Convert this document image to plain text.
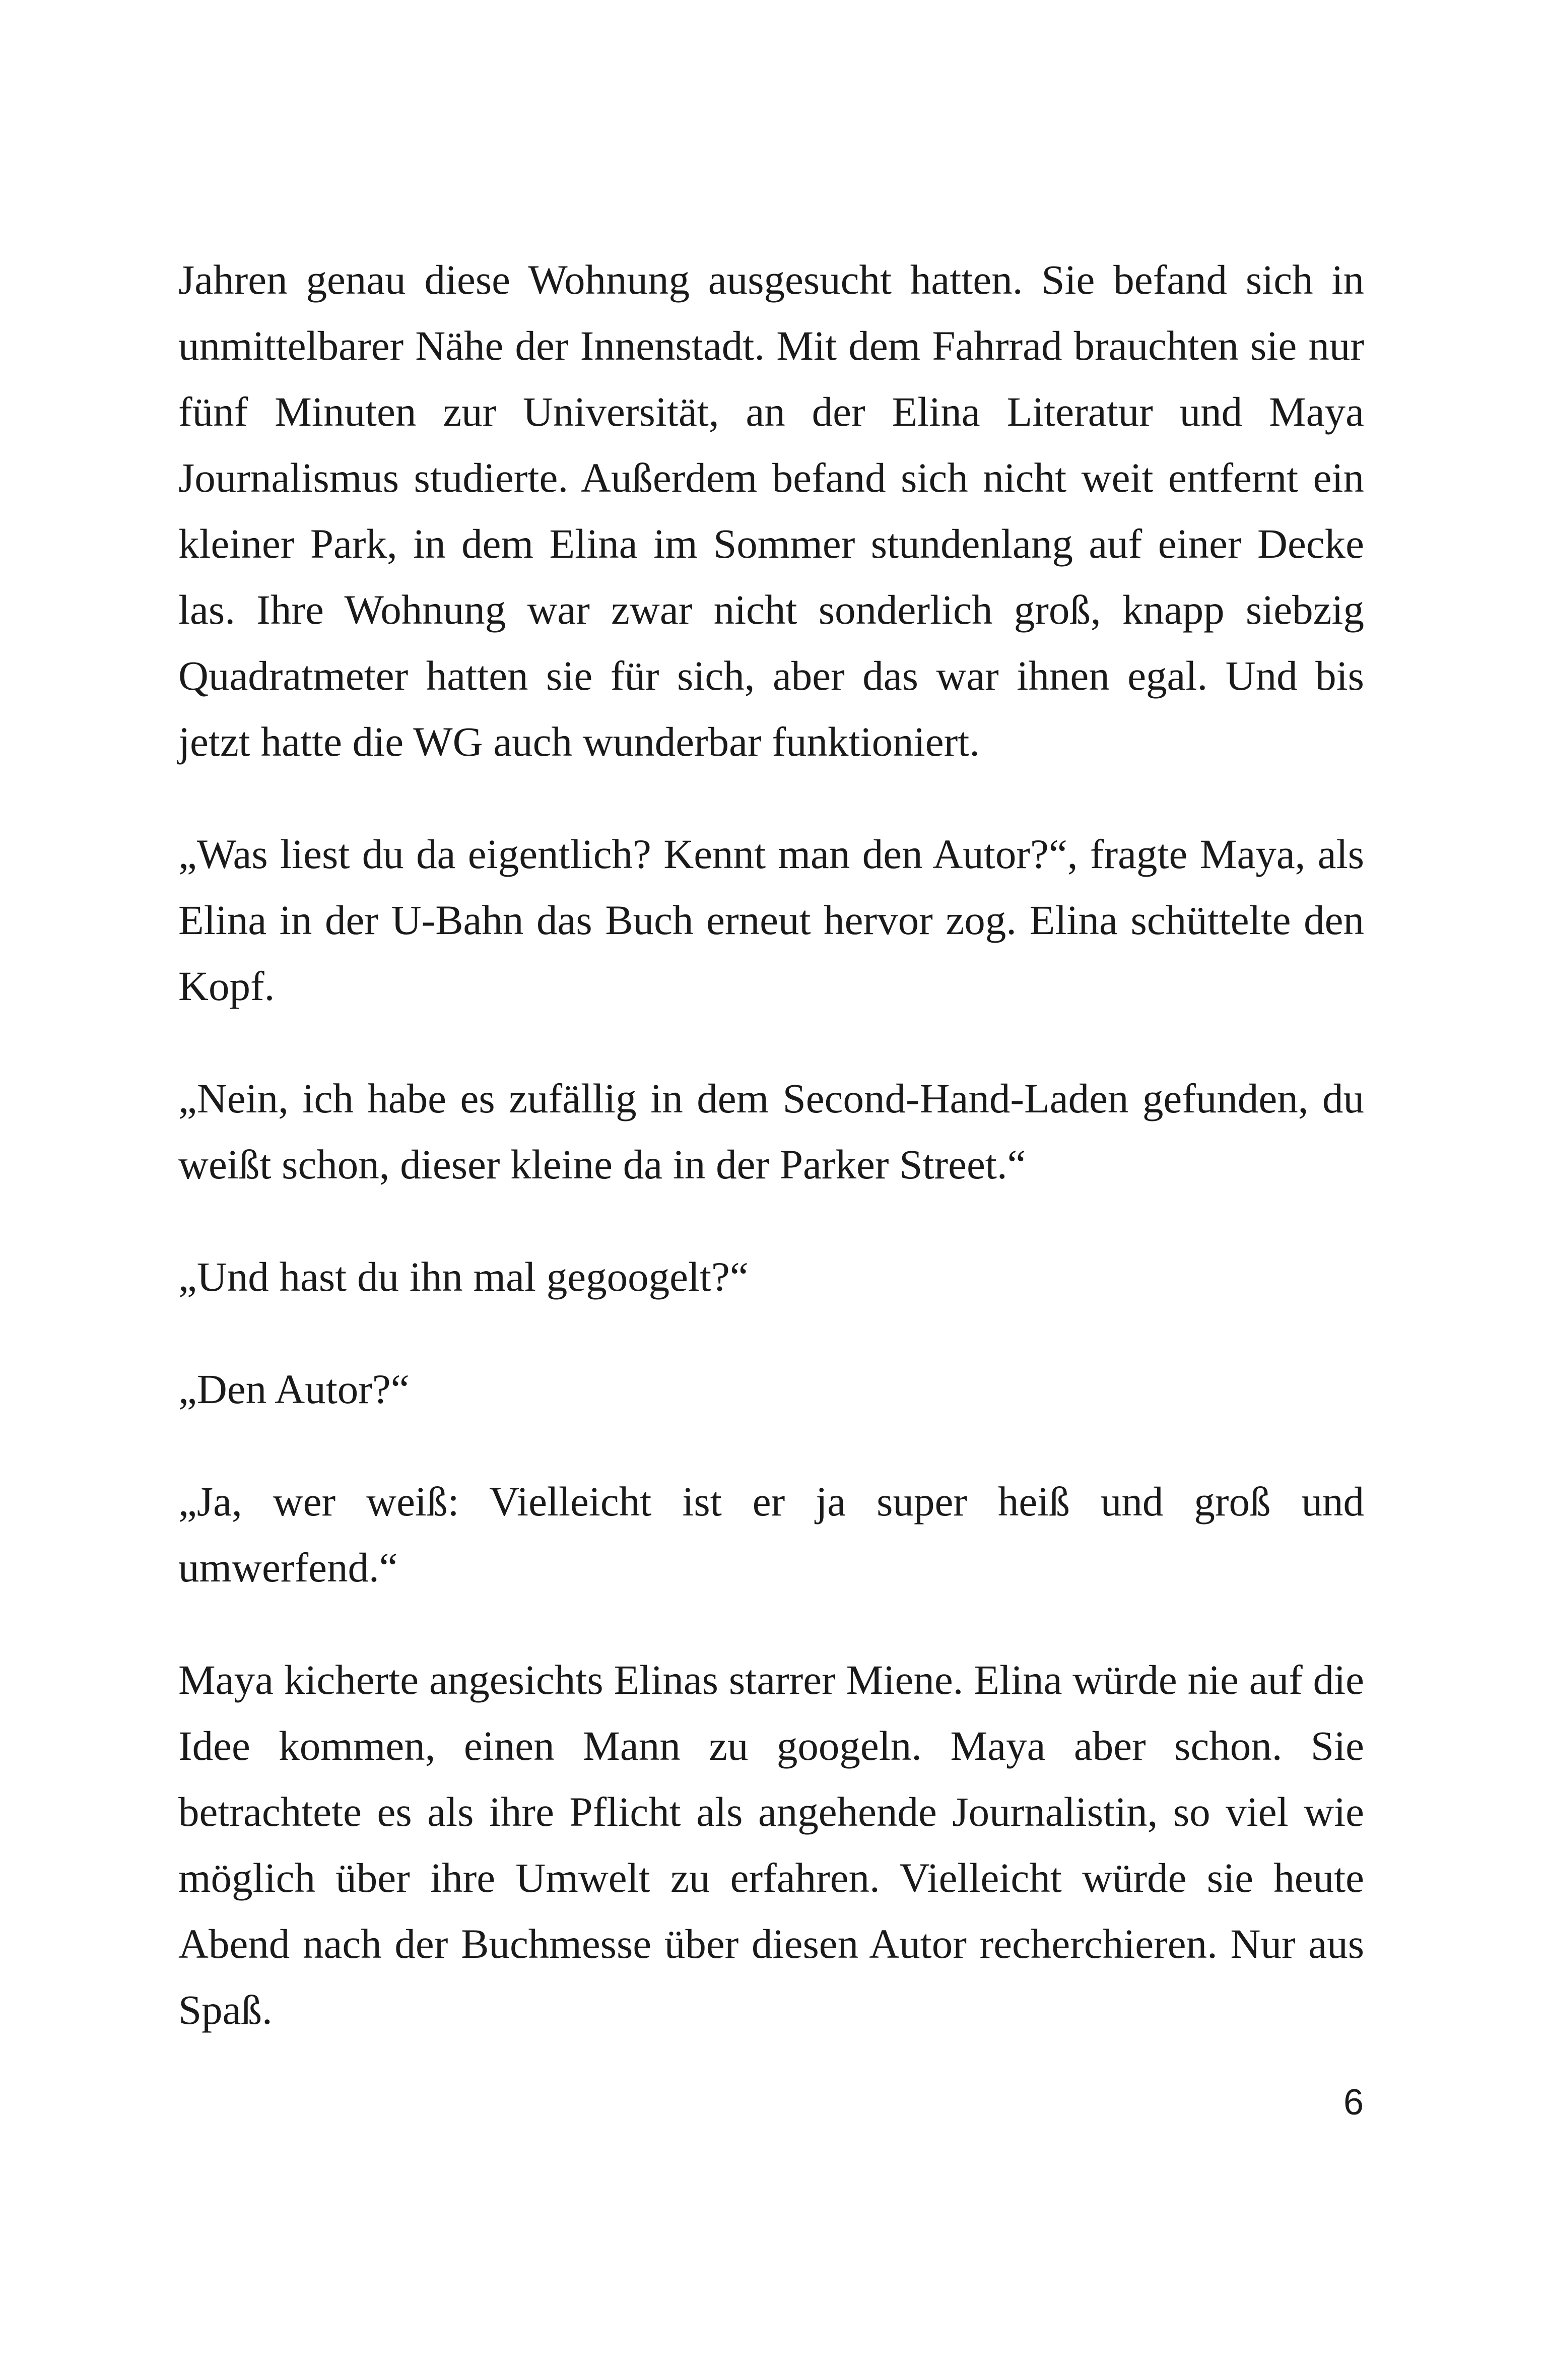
Jahren genau diese Wohnung ausgesucht hatten. Sie befand sich in unmittelbarer Nähe der Innenstadt. Mit dem Fahrrad brauchten sie nur fünf Minuten zur Universität, an der Elina Literatur und Maya Journalismus studierte. Außerdem befand sich nicht weit entfernt ein kleiner Park, in dem Elina im Sommer stundenlang auf einer Decke las. Ihre Wohnung war zwar nicht sonderlich groß, knapp siebzig Quadratmeter hatten sie für sich, aber das war ihnen egal. Und bis jetzt hatte die WG auch wunderbar funktioniert.

„Was liest du da eigentlich? Kennt man den Autor?“, fragte Maya, als Elina in der U-Bahn das Buch erneut hervor zog. Elina schüttelte den Kopf.

„Nein, ich habe es zufällig in dem Second-Hand-Laden gefunden, du weißt schon, dieser kleine da in der Parker Street.“

„Und hast du ihn mal gegoogelt?“

„Den Autor?“

„Ja, wer weiß: Vielleicht ist er ja super heiß und groß und umwerfend.“

Maya kicherte angesichts Elinas starrer Miene. Elina würde nie auf die Idee kommen, einen Mann zu googeln. Maya aber schon. Sie betrachtete es als ihre Pflicht als angehende Journalistin, so viel wie möglich über ihre Umwelt zu erfahren. Vielleicht würde sie heute Abend nach der Buchmesse über diesen Autor recherchieren. Nur aus Spaß.

6
